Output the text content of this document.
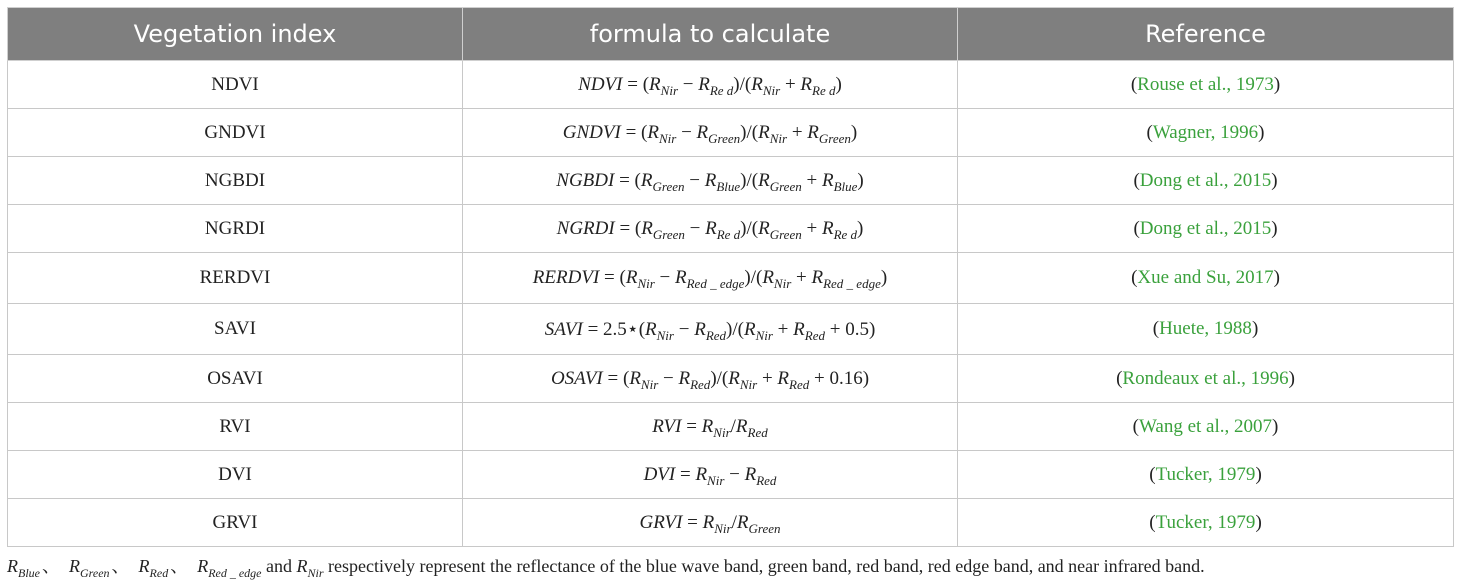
Vegetation index	formula to calculate	Reference
NDVI	NDVI = $(R_{Nir} - R_{Re d})/(R_{Nir} + R_{Re d})$	(Rouse et al., 1973)
GNDVI	GNDVI = $(R_{Nir} - R_{Green})/(R_{Nir} + R_{Green})$	(Wagner, 1996)
NGBDI	NGBDI = $(R_{Green} - R_{Blue})/(R_{Green} + R_{Blue})$	(Dong et al., 2015)
NGRDI	NGRDI = $(R_{Green} - R_{Re d})/(R_{Green} + R_{Re d})$	(Dong et al., 2015)
RERDVI	RERDVI = $(R_{Nir} - R_{Red \_ edge})/(R_{Nir} + R_{Red \_ edge})$	(Xue and Su, 2017)
SAVI	SAVI = $2.5⋆(R_{Nir} - R_{Red})/(R_{Nir} + R_{Red} + 0.5)$	(Huete, 1988)
OSAVI	OSAVI = $(R_{Nir} - R_{Red})/(R_{Nir} + R_{Red} + 0.16)$	(Rondeaux et al., 1996)
RVI	RVI = $R_{Nir}/R_{Red}$	(Wang et al., 2007)
DVI	DVI = $R_{Nir} - R_{Red}$	(Tucker, 1979)
GRVI	GRVI = $R_{Nir}/R_{Green}$	(Tucker, 1979)
$R_{Blue}$ 、 $R_{Green}$ 、 $R_{Red}$ 、 $R_{Red \_ edge}$ and $R_{Nir}$ respectively represent the reflectance of the blue wave band, green band, red band, red edge band, and near infrared band.
